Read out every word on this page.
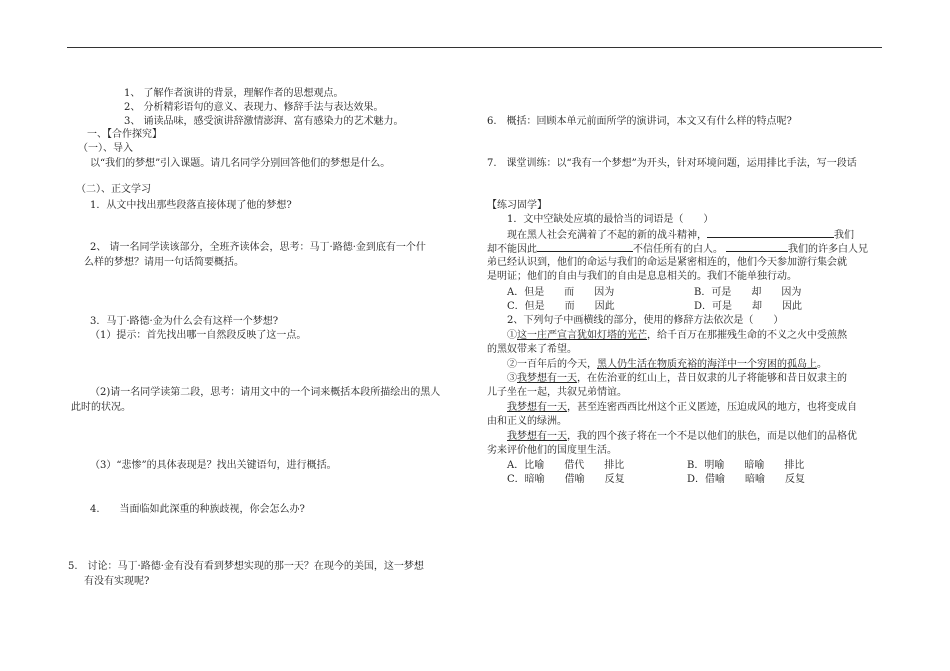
1、 了解作者演讲的背景，理解作者的思想观点。
2、 分析精彩语句的意义、表现力、修辞手法与表达效果。
3、 诵读品味，感受演讲辞激情澎湃、富有感染力的艺术魅力。
一、【合作探究】
（一）、导入
以“我们的梦想”引入课题。请几名同学分别回答他们的梦想是什么。
（二）、正文学习
1．从文中找出那些段落直接体现了他的梦想?
2、 请一名同学读该部分，全班齐读体会，思考：马丁·路德·金到底有一个什
么样的梦想？请用一句话简要概括。
3．马丁·路德·金为什么会有这样一个梦想?
（1）提示：首先找出哪一自然段反映了这一点。
（2)请一名同学读第二段，思考：请用文中的一个词来概括本段所描绘出的黑人
此时的状况。
（3）“悲惨”的具体表现是？找出关键语句，进行概括。
4.　　当面临如此深重的种族歧视，你会怎么办?
5.　讨论：马丁·路德·金有没有看到梦想实现的那一天？在现今的美国，这一梦想
有没有实现呢?
6.　概括：回顾本单元前面所学的演讲词，本文又有什么样的特点呢?
7.　课堂训练：以“我有一个梦想”为开头，针对环境问题，运用排比手法，写一段话
【练习固学】
1．文中空缺处应填的最恰当的词语是（　　）
现在黑人社会充满着了不起的新的战斗精神，	我们
却不能因此	不信任所有的白人。	我们的许多白人兄
弟已经认识到，他们的命运与我们的命运是紧密相连的，他们今天参加游行集会就
是明证；他们的自由与我们的自由是息息相关的。我们不能单独行动。
A．但是　　而　　因为	B．可是　　却　　因为
C．但是　　而　　因此	D．可是　　却　　因此
2、下列句子中画横线的部分，使用的修辞方法依次是（　　）
①这一庄严宣言犹如灯塔的光芒，给千百万在那摧残生命的不义之火中受煎熬
的黑奴带来了希望。
②一百年后的今天，黑人仍生活在物质充裕的海洋中一个穷困的孤岛上。
③我梦想有一天，在佐治亚的红山上，昔日奴隶的儿子将能够和昔日奴隶主的
儿子坐在一起，共叙兄弟情谊。
我梦想有一天，甚至连密西西比州这个正义匿迹，压迫成风的地方，也将变成自
由和正义的绿洲。
我梦想有一天，我的四个孩子将在一个不是以他们的肤色，而是以他们的品格优
劣来评价他们的国度里生活。
A．比喻　　借代　　排比	B．明喻　　暗喻　　排比
C．暗喻　　借喻　　反复	D．借喻　　暗喻　　反复
